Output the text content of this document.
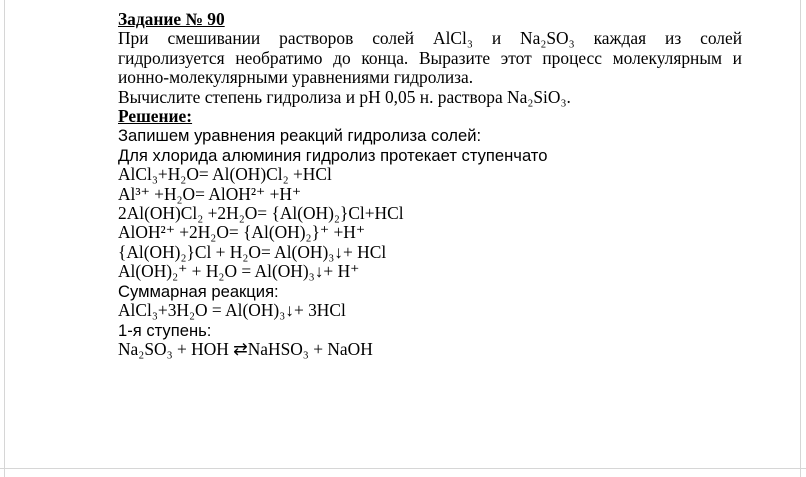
Задание № 90
При смешивании растворов солей AlCl₃ и Na₂SO₃ каждая из солей
гидролизуется необратимо до конца. Выразите этот процесс молекулярным и
ионно-молекулярными уравнениями гидролиза.
Вычислите степень гидролиза и pH 0,05 н. раствора Na₂SiO₃.
Решение:
Запишем уравнения реакций гидролиза солей:
Для хлорида алюминия гидролиз протекает ступенчато
AlCl₃+H₂O= Al(OH)Cl₂ +HCl
Al³⁺ +H₂O= AlOH²⁺ +H⁺
2Al(OH)Cl₂ +2H₂O= {Al(OH)₂}Cl+HCl
AlOH²⁺ +2H₂O= {Al(OH)₂}⁺ +H⁺
{Al(OH)₂}Cl + H₂O= Al(OH)₃↓+ HCl
Al(OH)₂⁺ + H₂O = Al(OH)₃↓+ H⁺
Суммарная реакция:
AlCl₃+3H₂O = Al(OH)₃↓+ 3HCl
1-я ступень:
Na₂SO₃ + HOH ⇄NaHSO₃ + NaOH
